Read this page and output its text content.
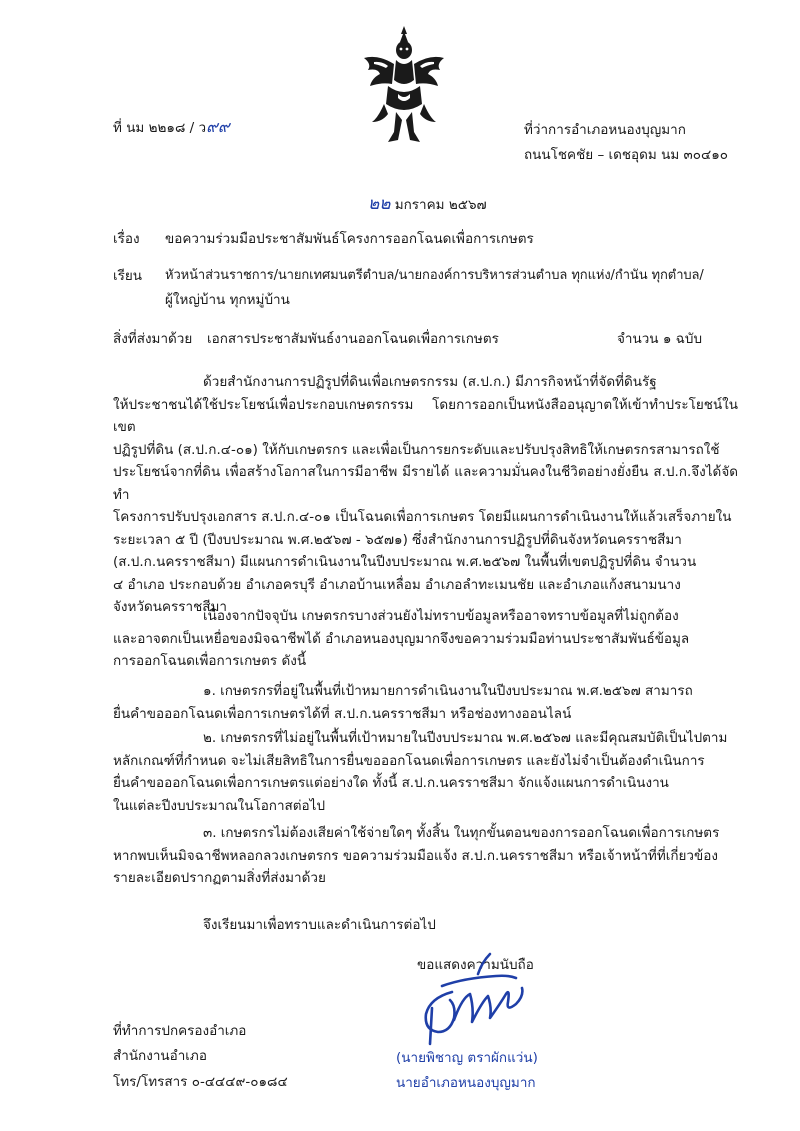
ที่ นม ๒๒๑๘ / ว๙๙	ที่ว่าการอำเภอหนองบุญมาก
ถนนโชคชัย – เดชอุดม นม ๓๐๔๑๐
๒๒ มกราคม ๒๕๖๗
เรื่อง ขอความร่วมมือประชาสัมพันธ์โครงการออกโฉนดเพื่อการเกษตร
เรียน หัวหน้าส่วนราชการ/นายกเทศมนตรีตำบล/นายกองค์การบริหารส่วนตำบล ทุกแห่ง/กำนัน ทุกตำบล/
ผู้ใหญ่บ้าน ทุกหมู่บ้าน
สิ่งที่ส่งมาด้วย เอกสารประชาสัมพันธ์งานออกโฉนดเพื่อการเกษตร	จำนวน ๑ ฉบับ

ด้วยสำนักงานการปฏิรูปที่ดินเพื่อเกษตรกรรม (ส.ป.ก.) มีภารกิจหน้าที่จัดที่ดินรัฐ

ให้ประชาชนได้ใช้ประโยชน์เพื่อประกอบเกษตรกรรม โดยการออกเป็นหนังสืออนุญาตให้เข้าทำประโยชน์ในเขต

ปฏิรูปที่ดิน (ส.ป.ก.๔-๐๑) ให้กับเกษตรกร และเพื่อเป็นการยกระดับและปรับปรุงสิทธิให้เกษตรกรสามารถใช้

ประโยชน์จากที่ดิน เพื่อสร้างโอกาสในการมีอาชีพ มีรายได้ และความมั่นคงในชีวิตอย่างยั่งยืน ส.ป.ก.จึงได้จัดทำ

โครงการปรับปรุงเอกสาร ส.ป.ก.๔-๐๑ เป็นโฉนดเพื่อการเกษตร โดยมีแผนการดำเนินงานให้แล้วเสร็จภายใน

ระยะเวลา ๕ ปี (ปีงบประมาณ พ.ศ.๒๕๖๗ - ๖๕๗๑) ซึ่งสำนักงานการปฏิรูปที่ดินจังหวัดนครราชสีมา

(ส.ป.ก.นครราชสีมา) มีแผนการดำเนินงานในปีงบประมาณ พ.ศ.๒๕๖๗ ในพื้นที่เขตปฏิรูปที่ดิน จำนวน

๔ อำเภอ ประกอบด้วย อำเภอครบุรี อำเภอบ้านเหลื่อม อำเภอลำทะเมนชัย และอำเภอแก้งสนามนาง

จังหวัดนครราชสีมา

เนื่องจากปัจจุบัน เกษตรกรบางส่วนยังไม่ทราบข้อมูลหรืออาจทราบข้อมูลที่ไม่ถูกต้อง

และอาจตกเป็นเหยื่อของมิจฉาชีพได้ อำเภอหนองบุญมากจึงขอความร่วมมือท่านประชาสัมพันธ์ข้อมูล

การออกโฉนดเพื่อการเกษตร ดังนี้

๑. เกษตรกรที่อยู่ในพื้นที่เป้าหมายการดำเนินงานในปีงบประมาณ พ.ศ.๒๕๖๗ สามารถ

ยื่นคำขอออกโฉนดเพื่อการเกษตรได้ที่ ส.ป.ก.นครราชสีมา หรือช่องทางออนไลน์

๒. เกษตรกรที่ไม่อยู่ในพื้นที่เป้าหมายในปีงบประมาณ พ.ศ.๒๕๖๗ และมีคุณสมบัติเป็นไปตาม

หลักเกณฑ์ที่กำหนด จะไม่เสียสิทธิในการยื่นขอออกโฉนดเพื่อการเกษตร และยังไม่จำเป็นต้องดำเนินการ

ยื่นคำขอออกโฉนดเพื่อการเกษตรแต่อย่างใด ทั้งนี้ ส.ป.ก.นครราชสีมา จักแจ้งแผนการดำเนินงาน

ในแต่ละปีงบประมาณในโอกาสต่อไป

๓. เกษตรกรไม่ต้องเสียค่าใช้จ่ายใดๆ ทั้งสิ้น ในทุกขั้นตอนของการออกโฉนดเพื่อการเกษตร

หากพบเห็นมิจฉาชีพหลอกลวงเกษตรกร ขอความร่วมมือแจ้ง ส.ป.ก.นครราชสีมา หรือเจ้าหน้าที่ที่เกี่ยวข้อง

รายละเอียดปรากฏตามสิ่งที่ส่งมาด้วย

จึงเรียนมาเพื่อทราบและดำเนินการต่อไป
ขอแสดงความนับถือ
(นายพิชาญ ตราผักแว่น)
นายอำเภอหนองบุญมาก
ที่ทำการปกครองอำเภอ
สำนักงานอำเภอ
โทร/โทรสาร ๐-๔๔๔๙-๐๑๘๔
